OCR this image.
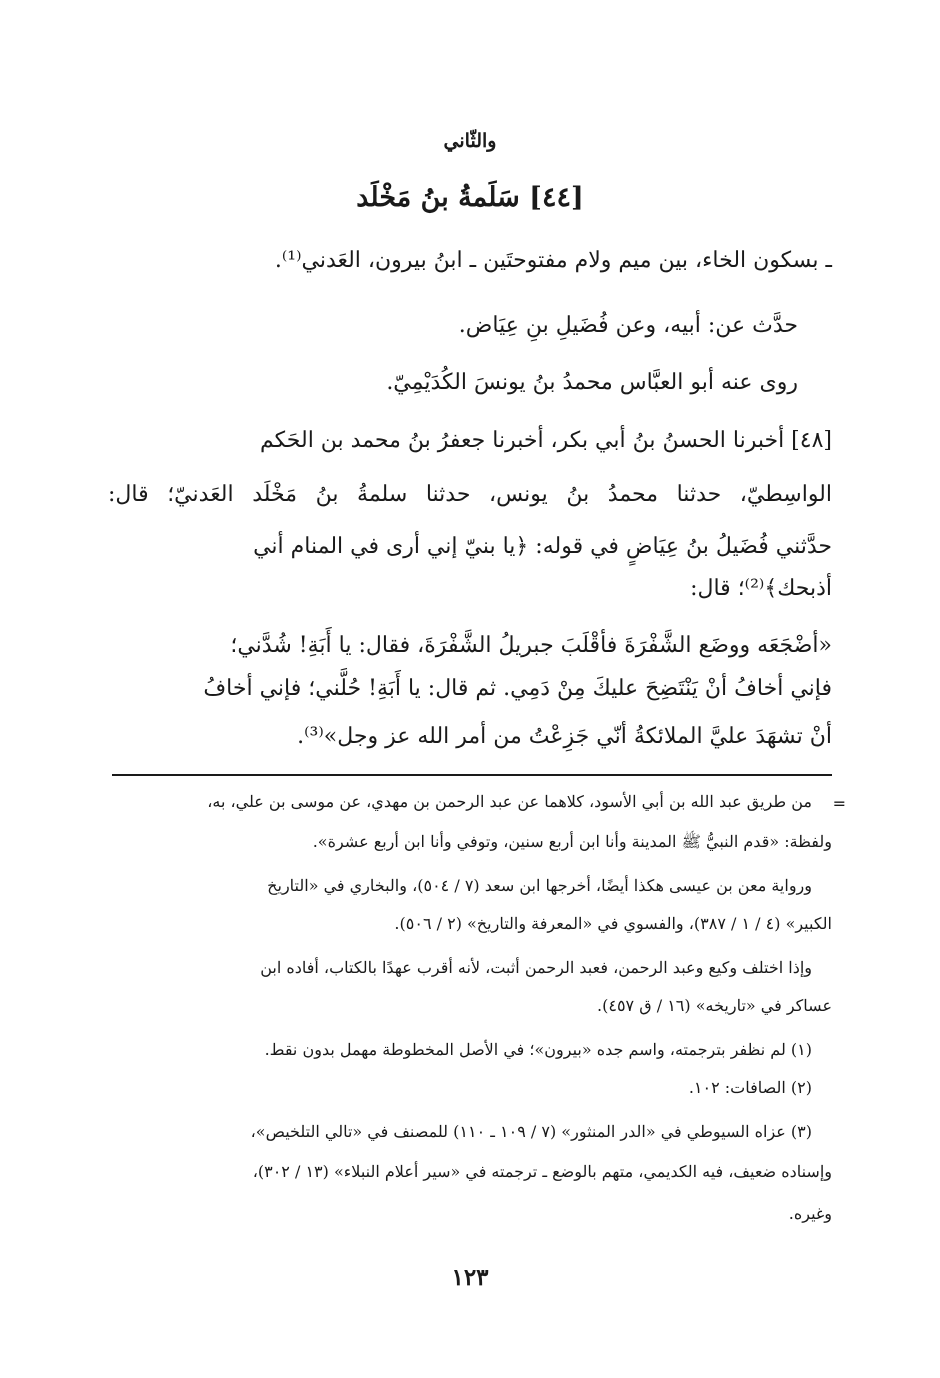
والثّاني
[٤٤] سَلَمةُ بنُ مَخْلَد
ـ بسكون الخاء، بين ميم ولام مفتوحتَين ـ ابنُ بيرون، العَدني⁽¹⁾.
حدَّث عن: أبيه، وعن فُضَيلِ بنِ عِيَاض.
روى عنه أبو العبَّاس محمدُ بنُ يونسَ الكُدَيْمِيّ.
[٤٨] أخبرنا الحسنُ بنُ أبي بكر، أخبرنا جعفرُ بنُ محمد بن الحَكم
الواسِطيّ، حدثنا محمدُ بنُ يونس، حدثنا سلمةُ بنُ مَخْلَد العَدنيّ؛ قال:
حدَّثني فُضَيلُ بنُ عِيَاضٍ في قوله: ﴿يا بنيّ إني أرى في المنام أني
أذبحك﴾⁽²⁾؛ قال:
«أضْجَعَه ووضَع الشَّفْرَةَ فأقْلَبَ جبريلُ الشَّفْرَةَ، فقال: يا أَبَةِ! شُدَّني؛
فإني أخافُ أنْ يَنْتَضِحَ عليكَ مِنْ دَمِي. ثم قال: يا أَبَةِ! حُلَّني؛ فإني أخافُ
أنْ تشهَدَ عليَّ الملائكةُ أنّي جَزِعْتُ من أمر الله عز وجل»⁽³⁾.
=
من طريق عبد الله بن أبي الأسود، كلاهما عن عبد الرحمن بن مهدي، عن موسى بن علي، به،
ولفظة: «قدم النبيُّ ﷺ المدينة وأنا ابن أربع سنين، وتوفي وأنا ابن أربع عشرة».
ورواية معن بن عيسى هكذا أيضًا، أخرجها ابن سعد (٧ / ٥٠٤)، والبخاري في «التاريخ
الكبير» (٤ / ١ / ٣٨٧)، والفسوي في «المعرفة والتاريخ» (٢ / ٥٠٦).
وإذا اختلف وكيع وعبد الرحمن، فعبد الرحمن أثبت، لأنه أقرب عهدًا بالكتاب، أفاده ابن
عساكر في «تاريخه» (١٦ / ق ٤٥٧).
(١) لم نظفر بترجمته، واسم جده «بيرون»؛ في الأصل المخطوطة مهمل بدون نقط.
(٢) الصافات: ١٠٢.
(٣) عزاه السيوطي في «الدر المنثور» (٧ / ١٠٩ ـ ١١٠) للمصنف في «تالي التلخيص»،
وإسناده ضعيف، فيه الكديمي، متهم بالوضع ـ ترجمته في «سير أعلام النبلاء» (١٣ / ٣٠٢)،
وغيره.
١٢٣
